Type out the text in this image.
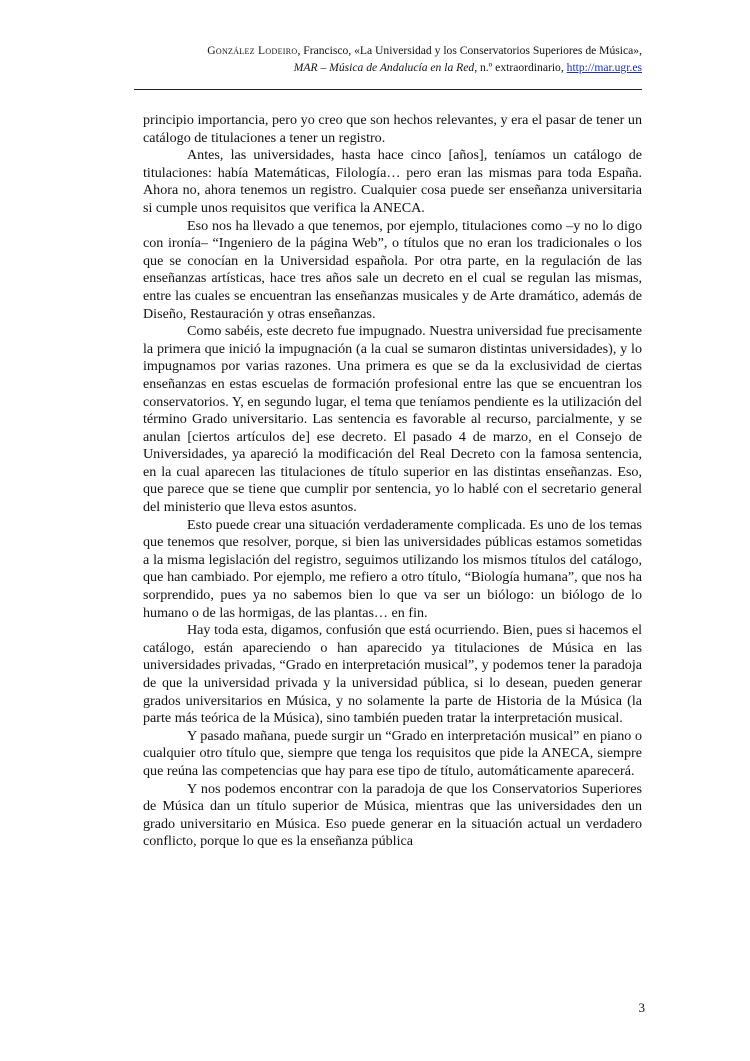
González Lodeiro, Francisco, «La Universidad y los Conservatorios Superiores de Música»,
MAR – Música de Andalucía en la Red, n.º extraordinario, http://mar.ugr.es

principio importancia, pero yo creo que son hechos relevantes, y era el pasar de tener un catálogo de titulaciones a tener un registro.

Antes, las universidades, hasta hace cinco [años], teníamos un catálogo de titulaciones: había Matemáticas, Filología… pero eran las mismas para toda España. Ahora no, ahora tenemos un registro. Cualquier cosa puede ser enseñanza universitaria si cumple unos requisitos que verifica la ANECA.

Eso nos ha llevado a que tenemos, por ejemplo, titulaciones como –y no lo digo con ironía– “Ingeniero de la página Web”, o títulos que no eran los tradicionales o los que se conocían en la Universidad española. Por otra parte, en la regulación de las enseñanzas artísticas, hace tres años sale un decreto en el cual se regulan las mismas, entre las cuales se encuentran las enseñanzas musicales y de Arte dramático, además de Diseño, Restauración y otras enseñanzas.

Como sabéis, este decreto fue impugnado. Nuestra universidad fue precisamente la primera que inició la impugnación (a la cual se sumaron distintas universidades), y lo impugnamos por varias razones. Una primera es que se da la exclusividad de ciertas enseñanzas en estas escuelas de formación profesional entre las que se encuentran los conservatorios. Y, en segundo lugar, el tema que teníamos pendiente es la utilización del término Grado universitario. Las sentencia es favorable al recurso, parcialmente, y se anulan [ciertos artículos de] ese decreto. El pasado 4 de marzo, en el Consejo de Universidades, ya apareció la modificación del Real Decreto con la famosa sentencia, en la cual aparecen las titulaciones de título superior en las distintas enseñanzas. Eso, que parece que se tiene que cumplir por sentencia, yo lo hablé con el secretario general del ministerio que lleva estos asuntos.

Esto puede crear una situación verdaderamente complicada. Es uno de los temas que tenemos que resolver, porque, si bien las universidades públicas estamos sometidas a la misma legislación del registro, seguimos utilizando los mismos títulos del catálogo, que han cambiado. Por ejemplo, me refiero a otro título, “Biología humana”, que nos ha sorprendido, pues ya no sabemos bien lo que va ser un biólogo: un biólogo de lo humano o de las hormigas, de las plantas… en fin.

Hay toda esta, digamos, confusión que está ocurriendo. Bien, pues si hacemos el catálogo, están apareciendo o han aparecido ya titulaciones de Música en las universidades privadas, “Grado en interpretación musical”, y podemos tener la paradoja de que la universidad privada y la universidad pública, si lo desean, pueden generar grados universitarios en Música, y no solamente la parte de Historia de la Música (la parte más teórica de la Música), sino también pueden tratar la interpretación musical.

Y pasado mañana, puede surgir un “Grado en interpretación musical” en piano o cualquier otro título que, siempre que tenga los requisitos que pide la ANECA, siempre que reúna las competencias que hay para ese tipo de título, automáticamente aparecerá.

Y nos podemos encontrar con la paradoja de que los Conservatorios Superiores de Música dan un título superior de Música, mientras que las universidades den un grado universitario en Música. Eso puede generar en la situación actual un verdadero conflicto, porque lo que es la enseñanza pública

3
